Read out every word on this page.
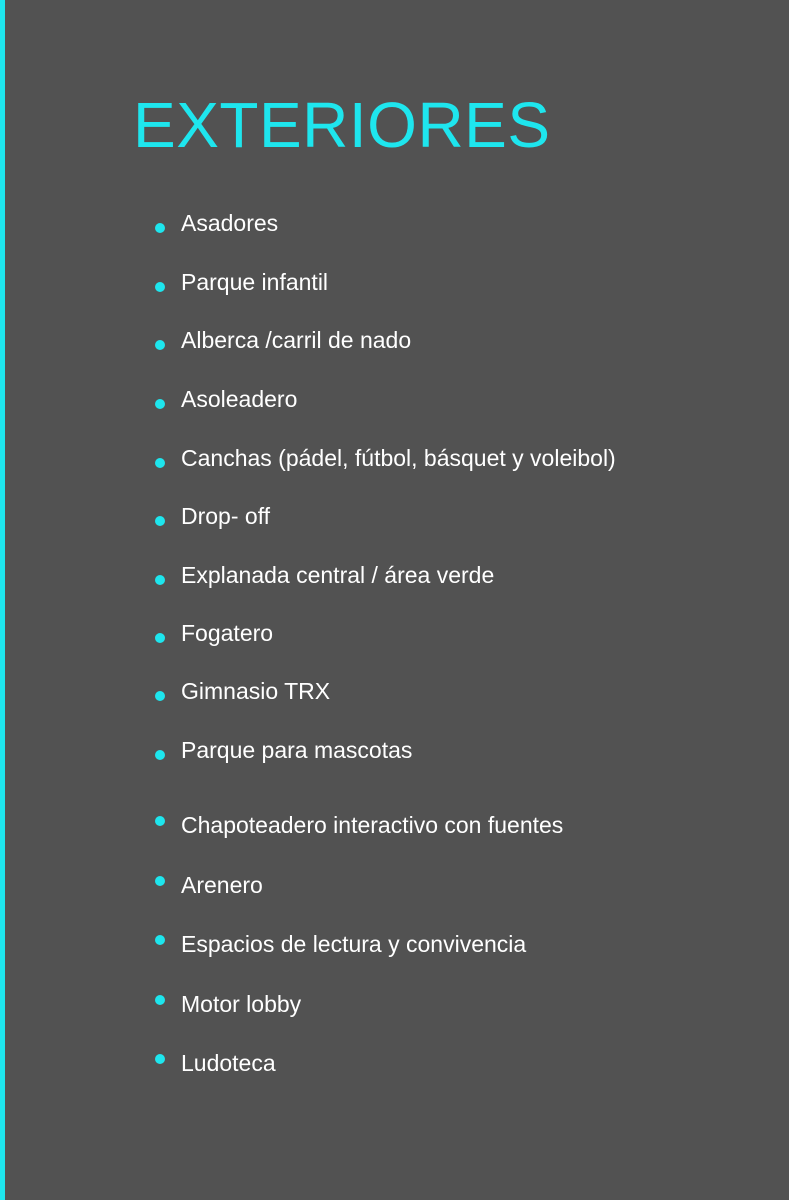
EXTERIORES
Asadores
Parque infantil
Alberca /carril de nado
Asoleadero
Canchas (pádel, fútbol, básquet y voleibol)
Drop- off
Explanada central / área verde
Fogatero
Gimnasio TRX
Parque para mascotas
Chapoteadero interactivo con fuentes
Arenero
Espacios de lectura y convivencia
Motor lobby
Ludoteca
